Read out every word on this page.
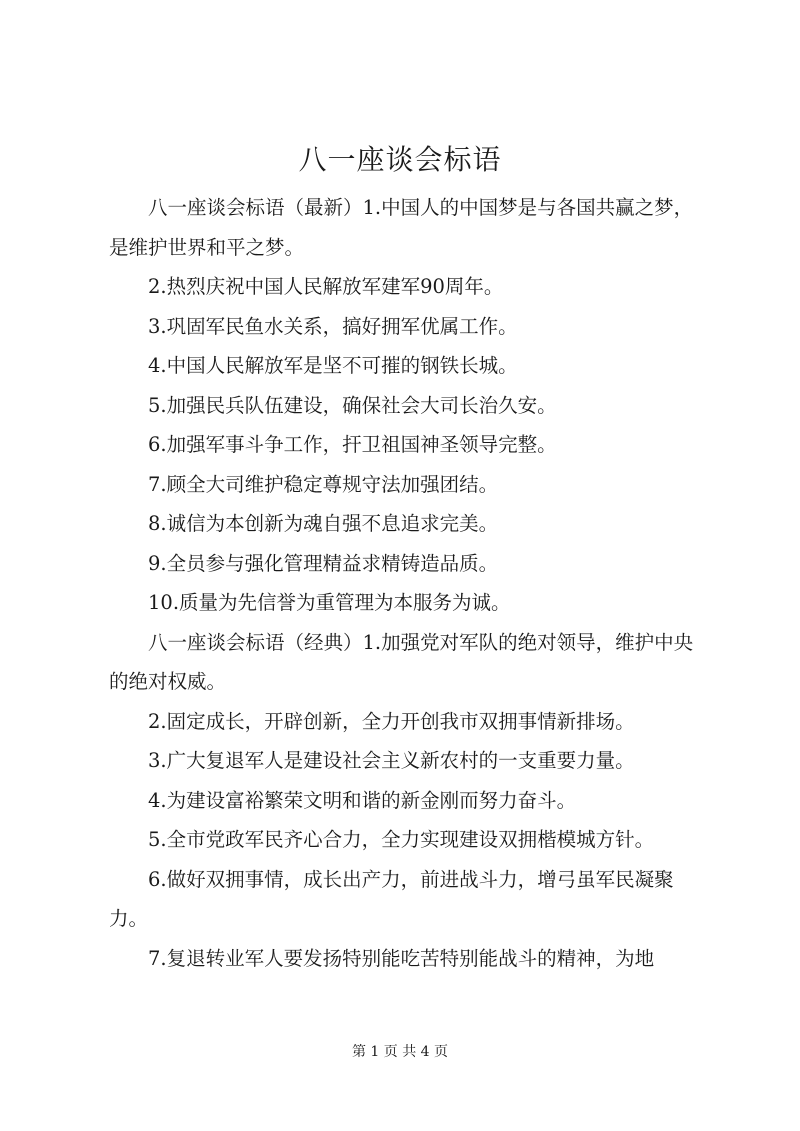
八一座谈会标语

八一座谈会标语（最新）1.中国人的中国梦是与各国共赢之梦，是维护世界和平之梦。

2.热烈庆祝中国人民解放军建军90周年。

3.巩固军民鱼水关系，搞好拥军优属工作。

4.中国人民解放军是坚不可摧的钢铁长城。

5.加强民兵队伍建设，确保社会大司长治久安。

6.加强军事斗争工作，扞卫祖国神圣领导完整。

7.顾全大司维护稳定尊规守法加强团结。

8.诚信为本创新为魂自强不息追求完美。

9.全员参与强化管理精益求精铸造品质。

10.质量为先信誉为重管理为本服务为诚。

八一座谈会标语（经典）1.加强党对军队的绝对领导，维护中央的绝对权威。

2.固定成长，开辟创新，全力开创我市双拥事情新排场。

3.广大复退军人是建设社会主义新农村的一支重要力量。

4.为建设富裕繁荣文明和谐的新金刚而努力奋斗。

5.全市党政军民齐心合力，全力实现建设双拥楷模城方针。

6.做好双拥事情，成长出产力，前进战斗力，增弓虽军民凝聚力。

7.复退转业军人要发扬特别能吃苦特别能战斗的精神，为地

第 1 页 共 4 页
